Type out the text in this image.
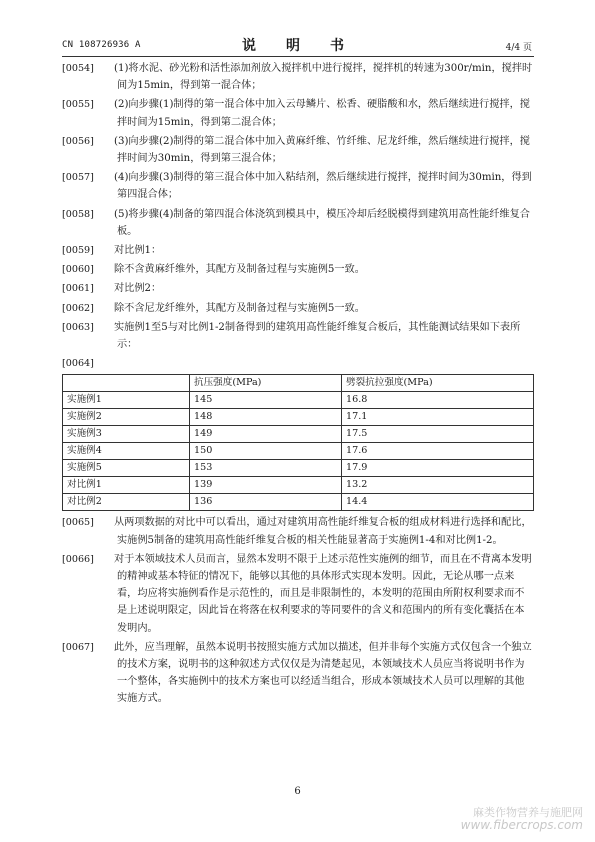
CN 108726936 A	说　明　书	4/4 页
[0054] (1)将水泥、砂光粉和活性添加剂放入搅拌机中进行搅拌，搅拌机的转速为300r/min，搅拌时间为15min，得到第一混合体；
[0055] (2)向步骤(1)制得的第一混合体中加入云母鳞片、松香、硬脂酸和水，然后继续进行搅拌，搅拌时间为15min，得到第二混合体；
[0056] (3)向步骤(2)制得的第二混合体中加入黄麻纤维、竹纤维、尼龙纤维，然后继续进行搅拌，搅拌时间为30min，得到第三混合体；
[0057] (4)向步骤(3)制得的第三混合体中加入粘结剂，然后继续进行搅拌，搅拌时间为30min，得到第四混合体；
[0058] (5)将步骤(4)制备的第四混合体浇筑到模具中，模压冷却后经脱模得到建筑用高性能纤维复合板。
[0059] 对比例1：
[0060] 除不含黄麻纤维外，其配方及制备过程与实施例5一致。
[0061] 对比例2：
[0062] 除不含尼龙纤维外，其配方及制备过程与实施例5一致。
[0063] 实施例1至5与对比例1-2制备得到的建筑用高性能纤维复合板后，其性能测试结果如下表所示：
[0064]
	抗压强度(MPa)	劈裂抗拉强度(MPa)
实施例1	145	16.8
实施例2	148	17.1
实施例3	149	17.5
实施例4	150	17.6
实施例5	153	17.9
对比例1	139	13.2
对比例2	136	14.4
[0065] 从两项数据的对比中可以看出，通过对建筑用高性能纤维复合板的组成材料进行选择和配比，实施例5制备的建筑用高性能纤维复合板的相关性能显著高于实施例1-4和对比例1-2。
[0066] 对于本领域技术人员而言，显然本发明不限于上述示范性实施例的细节，而且在不背离本发明的精神或基本特征的情况下，能够以其他的具体形式实现本发明。因此，无论从哪一点来看，均应将实施例看作是示范性的，而且是非限制性的，本发明的范围由所附权利要求而不是上述说明限定，因此旨在将落在权利要求的等同要件的含义和范围内的所有变化囊括在本发明内。
[0067] 此外，应当理解，虽然本说明书按照实施方式加以描述，但并非每个实施方式仅包含一个独立的技术方案，说明书的这种叙述方式仅仅是为清楚起见，本领域技术人员应当将说明书作为一个整体，各实施例中的技术方案也可以经适当组合，形成本领域技术人员可以理解的其他实施方式。
6
麻类作物营养与施肥网
www.fibercrops.com
